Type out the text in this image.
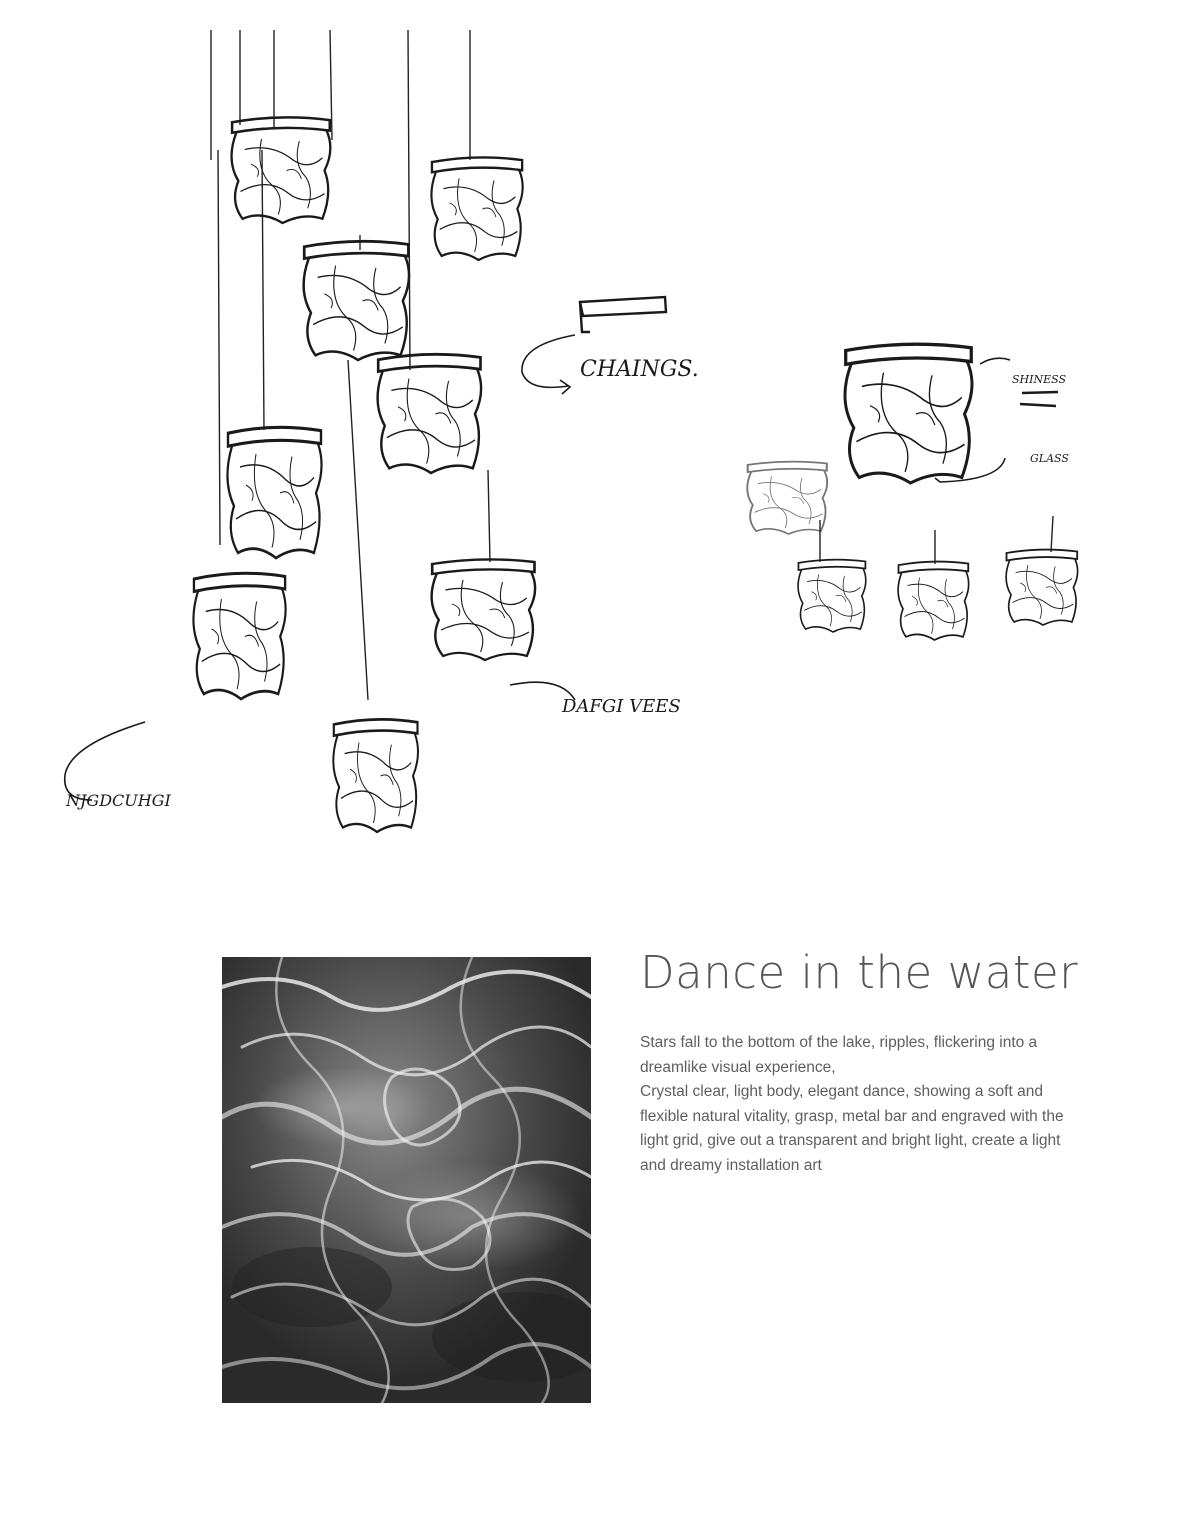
CHAINGS.	SHINESS
GLASS
NJGDCUHGI
DAFGI VEES
Dance in the water

Stars fall to the bottom of the lake, ripples, flickering into a dreamlike visual experience,
Crystal clear, light body, elegant dance, showing a soft and flexible natural vitality, grasp, metal bar and engraved with the light grid, give out a transparent and bright light, create a light and dreamy installation art
